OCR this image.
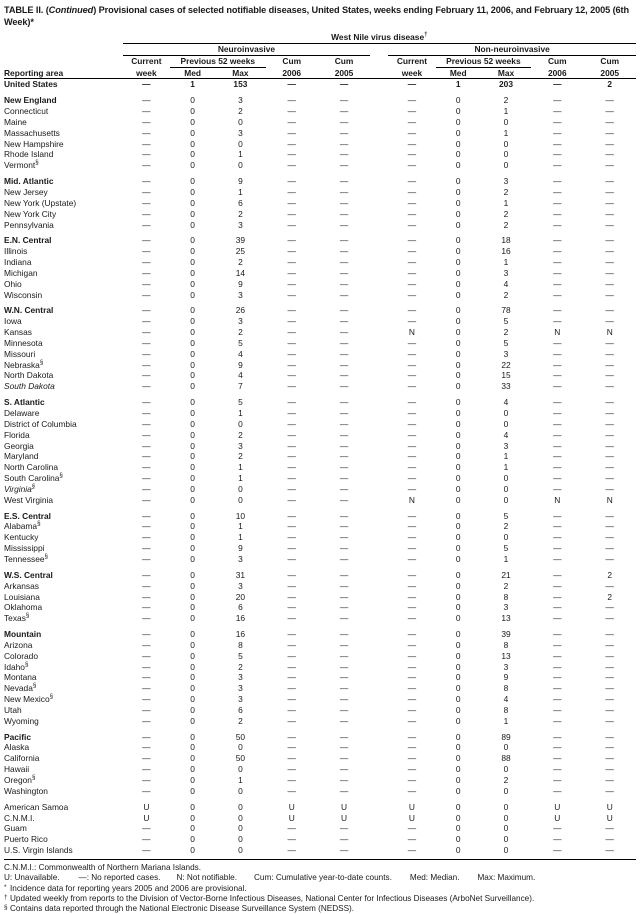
TABLE II. (Continued) Provisional cases of selected notifiable diseases, United States, weeks ending February 11, 2006, and February 12, 2005 (6th Week)*
	West Nile virus disease†
	Neuroinvasive						Non-neuroinvasive				
	Current	Previous 52 weeks		Cum	Cum		Current	Previous 52 weeks		Cum	Cum
Reporting area	week	Med	Max	2006	2005		week	Med	Max	2006	2005
United States	—	1	153	—	—		—	1	203	—	2

New England	—	0	3	—	—		—	0	2	—	—
Connecticut	—	0	2	—	—		—	0	1	—	—
Maine	—	0	0	—	—		—	0	0	—	—
Massachusetts	—	0	3	—	—		—	0	1	—	—
New Hampshire	—	0	0	—	—		—	0	0	—	—
Rhode Island	—	0	1	—	—		—	0	0	—	—
Vermont§	—	0	0	—	—		—	0	0	—	—

Mid. Atlantic	—	0	9	—	—		—	0	3	—	—
New Jersey	—	0	1	—	—		—	0	2	—	—
New York (Upstate)	—	0	6	—	—		—	0	1	—	—
New York City	—	0	2	—	—		—	0	2	—	—
Pennsylvania	—	0	3	—	—		—	0	2	—	—

E.N. Central	—	0	39	—	—		—	0	18	—	—
Illinois	—	0	25	—	—		—	0	16	—	—
Indiana	—	0	2	—	—		—	0	1	—	—
Michigan	—	0	14	—	—		—	0	3	—	—
Ohio	—	0	9	—	—		—	0	4	—	—
Wisconsin	—	0	3	—	—		—	0	2	—	—

W.N. Central	—	0	26	—	—		—	0	78	—	—
Iowa	—	0	3	—	—		—	0	5	—	—
Kansas	—	0	2	—	—		N	0	2	N	N
Minnesota	—	0	5	—	—		—	0	5	—	—
Missouri	—	0	4	—	—		—	0	3	—	—
Nebraska§	—	0	9	—	—		—	0	22	—	—
North Dakota	—	0	4	—	—		—	0	15	—	—
South Dakota	—	0	7	—	—		—	0	33	—	—

S. Atlantic	—	0	5	—	—		—	0	4	—	—
Delaware	—	0	1	—	—		—	0	0	—	—
District of Columbia	—	0	0	—	—		—	0	0	—	—
Florida	—	0	2	—	—		—	0	4	—	—
Georgia	—	0	3	—	—		—	0	3	—	—
Maryland	—	0	2	—	—		—	0	1	—	—
North Carolina	—	0	1	—	—		—	0	1	—	—
South Carolina§	—	0	1	—	—		—	0	0	—	—
Virginia§	—	0	0	—	—		—	0	0	—	—
West Virginia	—	0	0	—	—		N	0	0	N	N

E.S. Central	—	0	10	—	—		—	0	5	—	—
Alabama§	—	0	1	—	—		—	0	2	—	—
Kentucky	—	0	1	—	—		—	0	0	—	—
Mississippi	—	0	9	—	—		—	0	5	—	—
Tennessee§	—	0	3	—	—		—	0	1	—	—

W.S. Central	—	0	31	—	—		—	0	21	—	2
Arkansas	—	0	3	—	—		—	0	2	—	—
Louisiana	—	0	20	—	—		—	0	8	—	2
Oklahoma	—	0	6	—	—		—	0	3	—	—
Texas§	—	0	16	—	—		—	0	13	—	—

Mountain	—	0	16	—	—		—	0	39	—	—
Arizona	—	0	8	—	—		—	0	8	—	—
Colorado	—	0	5	—	—		—	0	13	—	—
Idaho§	—	0	2	—	—		—	0	3	—	—
Montana	—	0	3	—	—		—	0	9	—	—
Nevada§	—	0	3	—	—		—	0	8	—	—
New Mexico§	—	0	3	—	—		—	0	4	—	—
Utah	—	0	6	—	—		—	0	8	—	—
Wyoming	—	0	2	—	—		—	0	1	—	—

Pacific	—	0	50	—	—		—	0	89	—	—
Alaska	—	0	0	—	—		—	0	0	—	—
California	—	0	50	—	—		—	0	88	—	—
Hawaii	—	0	0	—	—		—	0	0	—	—
Oregon§	—	0	1	—	—		—	0	2	—	—
Washington	—	0	0	—	—		—	0	0	—	—

American Samoa	U	0	0	U	U		U	0	0	U	U
C.N.M.I.	U	0	0	U	U		U	0	0	U	U
Guam	—	0	0	—	—		—	0	0	—	—
Puerto Rico	—	0	0	—	—		—	0	0	—	—
U.S. Virgin Islands	—	0	0	—	—		—	0	0	—	—

C.N.M.I.: Commonwealth of Northern Mariana Islands.
U: Unavailable. —: No reported cases. N: Not notifiable. Cum: Cumulative year-to-date counts. Med: Median. Max: Maximum.
* Incidence data for reporting years 2005 and 2006 are provisional.
† Updated weekly from reports to the Division of Vector-Borne Infectious Diseases, National Center for Infectious Diseases (ArboNet Surveillance).
§ Contains data reported through the National Electronic Disease Surveillance System (NEDSS).
